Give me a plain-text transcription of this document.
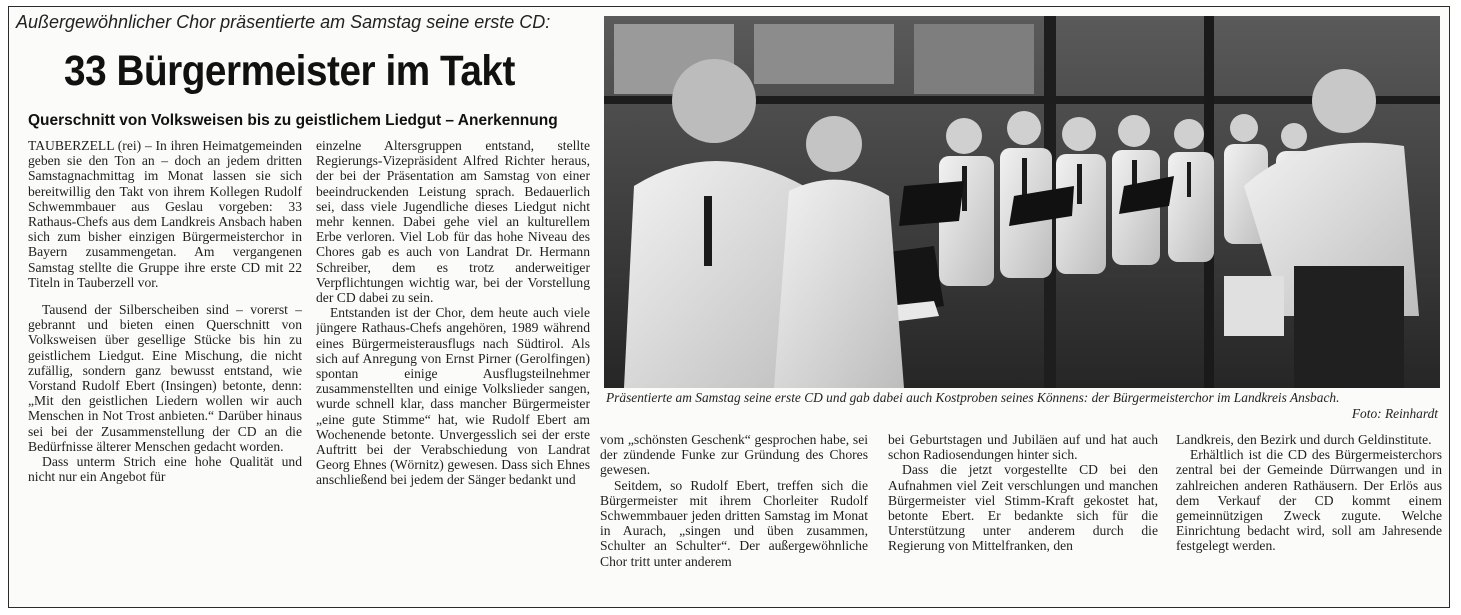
Außergewöhnlicher Chor präsentierte am Samstag seine erste CD:
33 Bürgermeister im Takt
Querschnitt von Volksweisen bis zu geistlichem Liedgut – Anerkennung

TAUBERZELL (rei) – In ihren Heimatgemeinden geben sie den Ton an – doch an jedem dritten Samstagnachmittag im Monat lassen sie sich bereitwillig den Takt von ihrem Kollegen Rudolf Schwemmbauer aus Geslau vorgeben: 33 Rathaus-Chefs aus dem Landkreis Ansbach haben sich zum bisher einzigen Bürgermeisterchor in Bayern zusammengetan. Am vergangenen Samstag stellte die Gruppe ihre erste CD mit 22 Titeln in Tauberzell vor.

Tausend der Silberscheiben sind – vorerst – gebrannt und bieten einen Querschnitt von Volksweisen über gesellige Stücke bis hin zu geistlichem Liedgut. Eine Mischung, die nicht zufällig, sondern ganz bewusst entstand, wie Vorstand Rudolf Ebert (Insingen) betonte, denn: „Mit den geistlichen Liedern wollen wir auch Menschen in Not Trost anbieten.“ Darüber hinaus sei bei der Zusammenstellung der CD an die Bedürfnisse älterer Menschen gedacht worden.

Dass unterm Strich eine hohe Qualität und nicht nur ein Angebot für

einzelne Altersgruppen entstand, stellte Regierungs-Vizepräsident Alfred Richter heraus, der bei der Präsentation am Samstag von einer beeindruckenden Leistung sprach. Bedauerlich sei, dass viele Jugendliche dieses Liedgut nicht mehr kennen. Dabei gehe viel an kulturellem Erbe verloren. Viel Lob für das hohe Niveau des Chores gab es auch von Landrat Dr. Hermann Schreiber, dem es trotz anderweitiger Verpflichtungen wichtig war, bei der Vorstellung der CD dabei zu sein.

Entstanden ist der Chor, dem heute auch viele jüngere Rathaus-Chefs angehören, 1989 während eines Bürgermeisterausflugs nach Südtirol. Als sich auf Anregung von Ernst Pirner (Gerolfingen) spontan einige Ausflugsteilnehmer zusammenstellten und einige Volkslieder sangen, wurde schnell klar, dass mancher Bürgermeister „eine gute Stimme“ hat, wie Rudolf Ebert am Wochenende betonte. Unvergesslich sei der erste Auftritt bei der Verabschiedung von Landrat Georg Ehnes (Wörnitz) gewesen. Dass sich Ehnes anschließend bei jedem der Sänger bedankt und

Präsentierte am Samstag seine erste CD und gab dabei auch Kostproben seines Könnens: der Bürgermeisterchor im Landkreis Ansbach.
Foto: Reinhardt

vom „schönsten Geschenk“ gesprochen habe, sei der zündende Funke zur Gründung des Chores gewesen.

Seitdem, so Rudolf Ebert, treffen sich die Bürgermeister mit ihrem Chorleiter Rudolf Schwemmbauer jeden dritten Samstag im Monat in Aurach, „singen und üben zusammen, Schulter an Schulter“. Der außergewöhnliche Chor tritt unter anderem

bei Geburtstagen und Jubiläen auf und hat auch schon Radiosendungen hinter sich.

Dass die jetzt vorgestellte CD bei den Aufnahmen viel Zeit verschlungen und manchen Bürgermeister viel Stimm-Kraft gekostet hat, betonte Ebert. Er bedankte sich für die Unterstützung unter anderem durch die Regierung von Mittelfranken, den

Landkreis, den Bezirk und durch Geldinstitute.

Erhältlich ist die CD des Bürgermeisterchors zentral bei der Gemeinde Dürrwangen und in zahlreichen anderen Rathäusern. Der Erlös aus dem Verkauf der CD kommt einem gemeinnützigen Zweck zugute. Welche Einrichtung bedacht wird, soll am Jahresende festgelegt werden.
